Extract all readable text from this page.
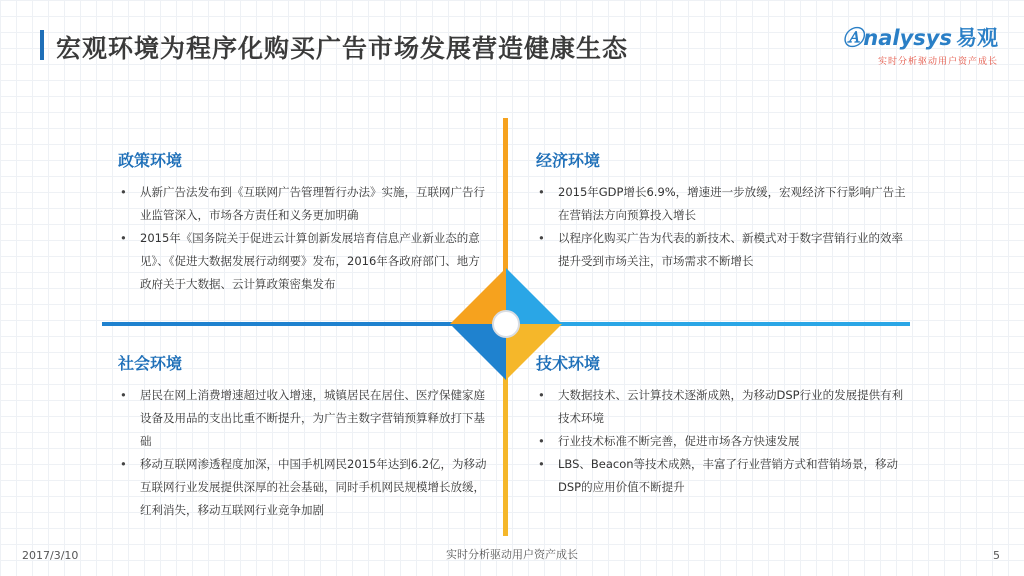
宏观环境为程序化购买广告市场发展营造健康生态	Ⓐnalysys 易观
实时分析驱动用户资产成长
政策环境
• 从新广告法发布到《互联网广告管理暂行办法》实施，互联网广告行业监管深入，市场各方责任和义务更加明确
• 2015年《国务院关于促进云计算创新发展培育信息产业新业态的意见》、《促进大数据发展行动纲要》发布，2016年各政府部门、地方政府关于大数据、云计算政策密集发布
经济环境
• 2015年GDP增长6.9%，增速进一步放缓，宏观经济下行影响广告主在营销法方向预算投入增长
• 以程序化购买广告为代表的新技术、新模式对于数字营销行业的效率提升受到市场关注，市场需求不断增长
社会环境
• 居民在网上消费增速超过收入增速，城镇居民在居住、医疗保健家庭设备及用品的支出比重不断提升，为广告主数字营销预算释放打下基础
• 移动互联网渗透程度加深，中国手机网民2015年达到6.2亿，为移动互联网行业发展提供深厚的社会基础，同时手机网民规模增长放缓，红利消失，移动互联网行业竞争加剧
技术环境
• 大数据技术、云计算技术逐渐成熟，为移动DSP行业的发展提供有利技术环境
• 行业技术标准不断完善，促进市场各方快速发展
• LBS、Beacon等技术成熟，丰富了行业营销方式和营销场景，移动DSP的应用价值不断提升
2017/3/10	实时分析驱动用户资产成长	5
